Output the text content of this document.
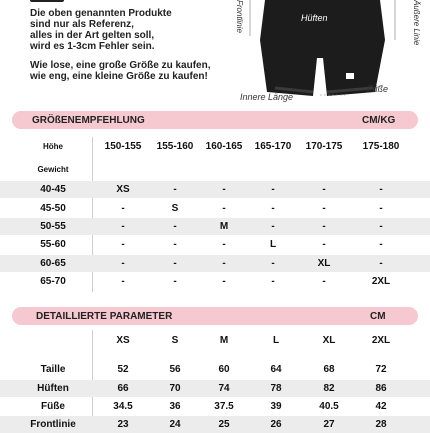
Die oben genannten Produkte
sind nur als Referenz,
alles in der Art gelten soll,
wird es 1-3cm Fehler sein.

Wie lose, eine große Größe zu kaufen,
wie eng, eine kleine Größe zu kaufen!

Hüften
Frontlinie	Äußere Linie
Innere Länge
Füße
GRÖßENEMPFEHLUNG	CM/KG
Höhe	150-155	155-160	160-165	165-170	170-175	175-180
Gewicht
40-45	XS	-	-	-	-	-
45-50	-	S	-	-	-	-
50-55	-	-	M	-	-	-
55-60	-	-	-	L	-	-
60-65	-	-	-	-	XL	-
65-70	-	-	-	-	-	2XL
DETAILLIERTE PARAMETER	CM
XS	S	M	L	XL	2XL
Taille	52	56	60	64	68	72
Hüften	66	70	74	78	82	86
Füße	34.5	36	37.5	39	40.5	42
Frontlinie	23	24	25	26	27	28
